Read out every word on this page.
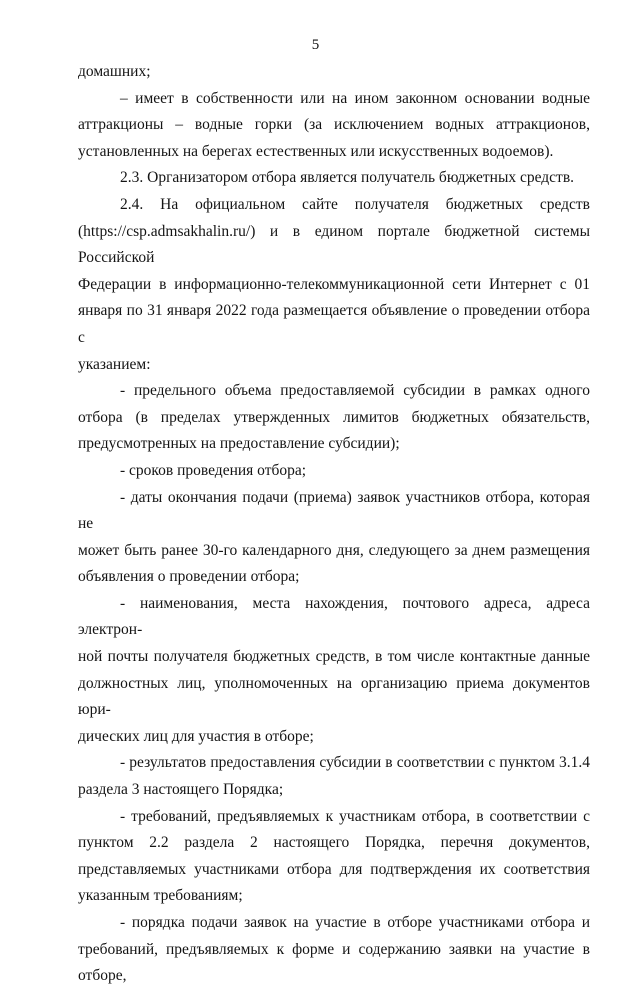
5
домашних;
– имеет в собственности или на ином законном основании водные
аттракционы – водные горки (за исключением водных аттракционов,
установленных на берегах естественных или искусственных водоемов).
2.3. Организатором отбора является получатель бюджетных средств.
2.4. На официальном сайте получателя бюджетных средств
(https://csp.admsakhalin.ru/) и в едином портале бюджетной системы Российской
Федерации в информационно-телекоммуникационной сети Интернет с 01
января по 31 января 2022 года размещается объявление о проведении отбора с
указанием:
- предельного объема предоставляемой субсидии в рамках одного
отбора (в пределах утвержденных лимитов бюджетных обязательств,
предусмотренных на предоставление субсидии);
- сроков проведения отбора;
- даты окончания подачи (приема) заявок участников отбора, которая не
может быть ранее 30-го календарного дня, следующего за днем размещения
объявления о проведении отбора;
- наименования, места нахождения, почтового адреса, адреса электрон-
ной почты получателя бюджетных средств, в том числе контактные данные
должностных лиц, уполномоченных на организацию приема документов юри-
дических лиц для участия в отборе;
- результатов предоставления субсидии в соответствии с пунктом 3.1.4
раздела 3 настоящего Порядка;
- требований, предъявляемых к участникам отбора, в соответствии с
пунктом 2.2 раздела 2 настоящего Порядка, перечня документов,
представляемых участниками отбора для подтверждения их соответствия
указанным требованиям;
- порядка подачи заявок на участие в отборе участниками отбора и
требований, предъявляемых к форме и содержанию заявки на участие в отборе,
